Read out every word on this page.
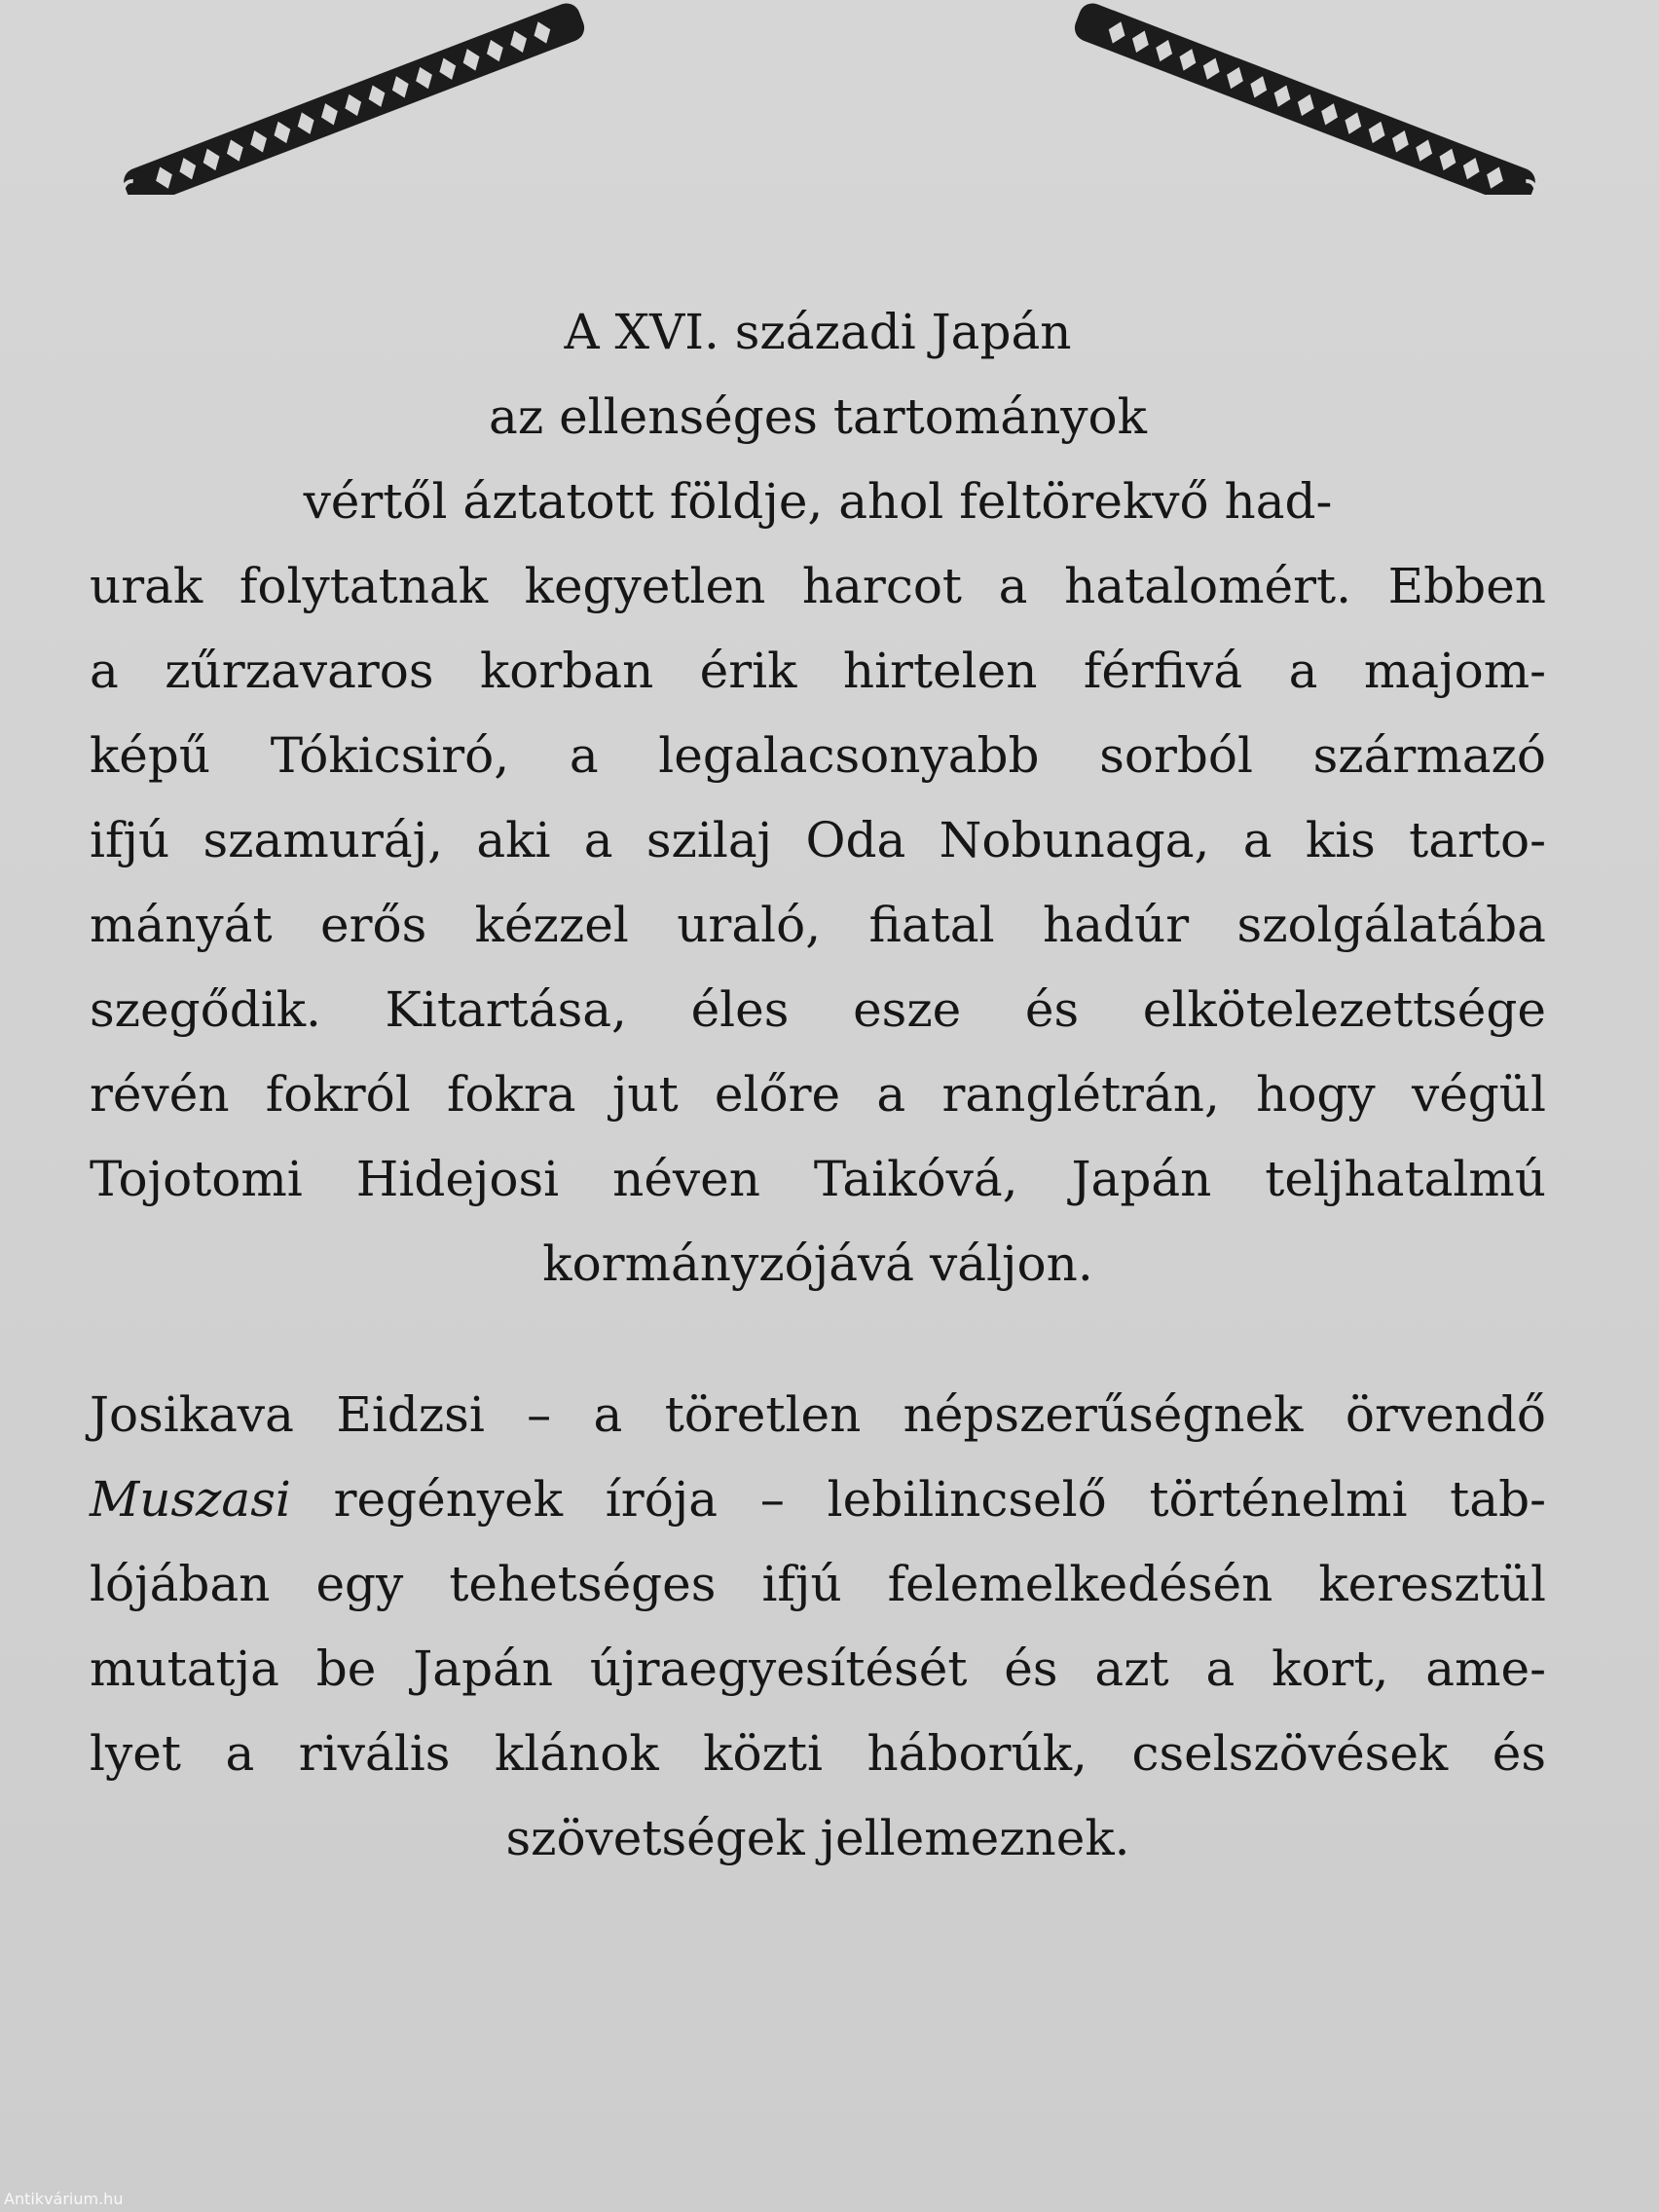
A XVI. századi Japán
az ellenséges tartományok
vértől áztatott földje, ahol feltörekvő had-
urak folytatnak kegyetlen harcot a hatalomért. Ebben
a zűrzavaros korban érik hirtelen férfivá a majom-
képű Tókicsiró, a legalacsonyabb sorból származó
ifjú szamuráj, aki a szilaj Oda Nobunaga, a kis tarto-
mányát erős kézzel uraló, fiatal hadúr szolgálatába
szegődik. Kitartása, éles esze és elkötelezettsége
révén fokról fokra jut előre a ranglétrán, hogy végül
Tojotomi Hidejosi néven Taikóvá, Japán teljhatalmú
kormányzójává váljon.
Josikava Eidzsi – a töretlen népszerűségnek örvendő
Muszasi regények írója – lebilincselő történelmi tab-
lójában egy tehetséges ifjú felemelkedésén keresztül
mutatja be Japán újraegyesítését és azt a kort, ame-
lyet a rivális klánok közti háborúk, cselszövések és
szövetségek jellemeznek.
Antikvárium.hu
